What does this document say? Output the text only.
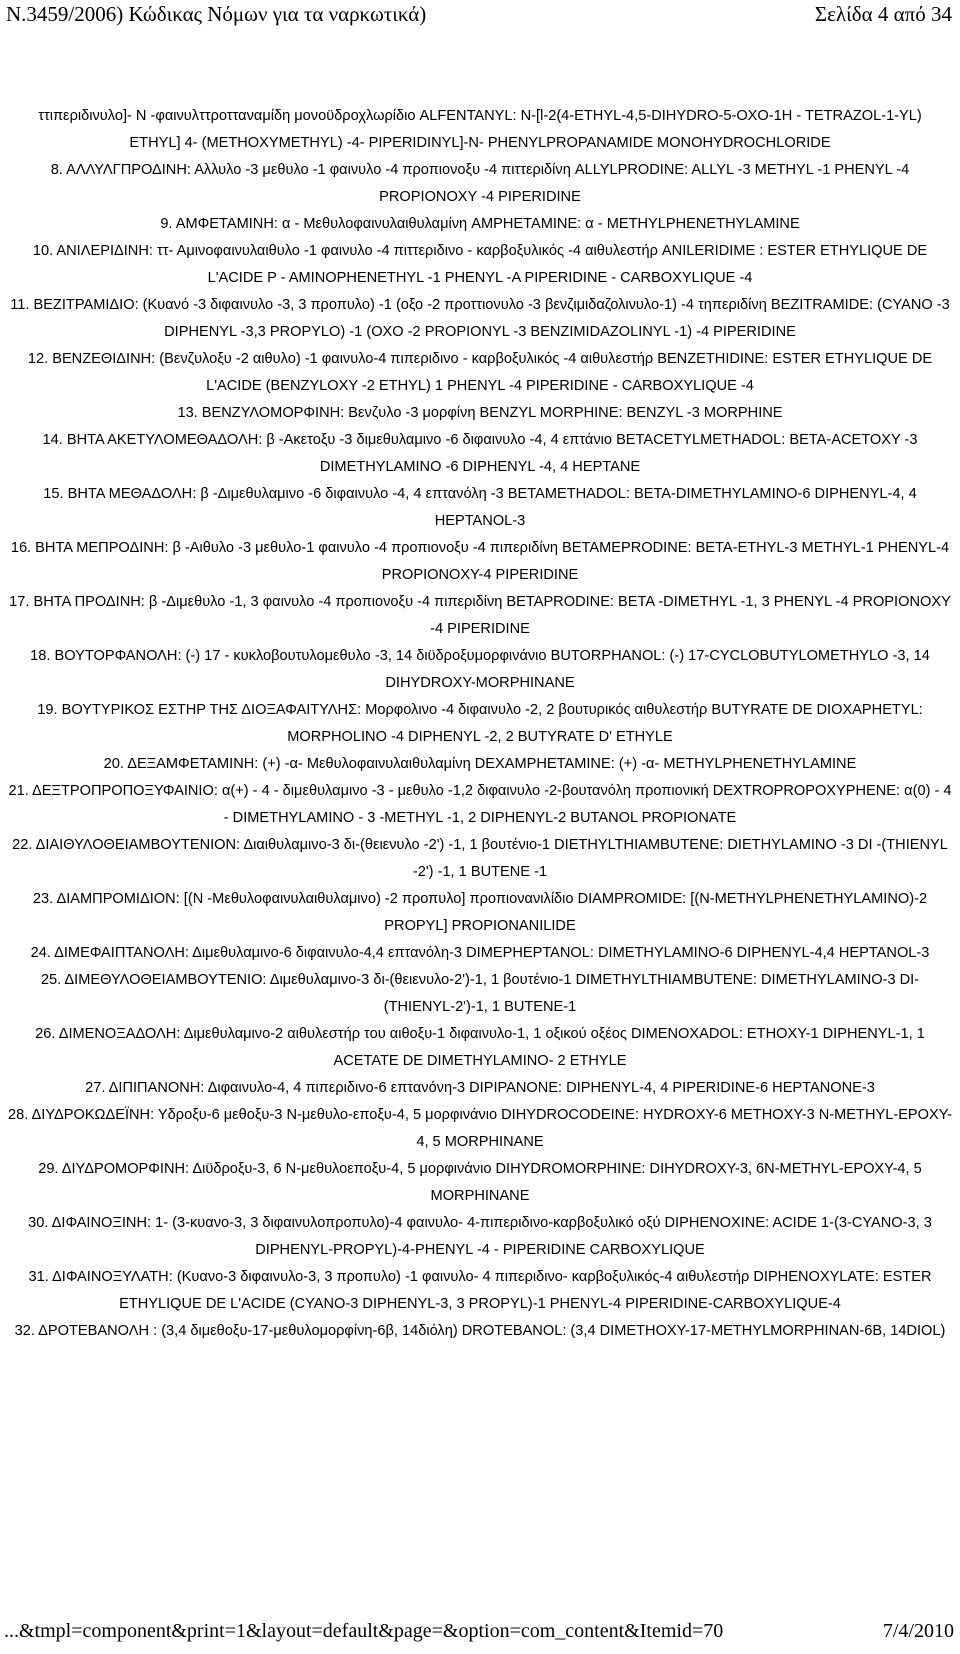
N.3459/2006) Κώδικας Νόμων για τα ναρκωτικά)	Σελίδα 4 από 34

ττιπεριδινυλο]- Ν -φαινυλττροτταναμίδη μονοϋδροχλωρίδιο ALFENTANYL: N-[l-2(4-ETHYL-4,5-DIHYDRO-5-OXO-1H - TETRAZOL-1-YL)

ETHYL] 4- (METHOXYMETHYL) -4- PIPERIDINYL]-N- PHENYLPROPANAMIDE MONOHYDROCHLORIDE

8. ΑΛΛΥΛΓΠΡΟΔΙΝΗ: Αλλυλο -3 μεθυλο -1 φαινυλο -4 προπιονοξυ -4 πιττεριδίνη ALLYLPRODINE: ALLYL -3 METHYL -1 PHENYL -4 PROPIONOXY -4 PIPERIDINE

9. ΑΜΦΕΤΑΜΙΝΗ: α - Μεθυλοφαινυλαιθυλαμίνη AMPHETAMINE: α - METHYLPHENETHYLAMINE

10. ΑΝΙΛΕΡΙΔΙΝΗ: ττ- Αμινοφαινυλαιθυλο -1 φαινυλο -4 πιττεριδινο - καρβοξυλικός -4 αιθυλεστήρ ANILERIDIME : ESTER ETHYLIQUE DE L'ACIDE P - AMINOPHENETHYL -1 PHENYL -A PIPERIDINE - CARBOXYLIQUE -4

11. ΒΕΖΙΤΡΑΜΙΔΙΟ: (Κυανό -3 διφαινυλο -3, 3 προπυλο) -1 (οξο -2 προττιονυλο -3 βενζιμιδαζολινυλο-1) -4 τηπεριδίνη BEZITRAMIDE: (CYANO -3 DIPHENYL -3,3 PROPYLO) -1 (OXO -2 PROPIONYL -3 BENZIMIDAZOLINYL -1) -4 PIPERIDINE

12. ΒΕΝΖΕΘΙΔΙΝΗ: (Βενζυλοξυ -2 αιθυλο) -1 φαινυλο-4 πιπεριδινο - καρβοξυλικός -4 αιθυλεστήρ BENZETHIDINE: ESTER ETHYLIQUE DE L'ACIDE (BENZYLOXY -2 ETHYL) 1 PHENYL -4 PIPERIDINE - CARBOXYLIQUE -4

13. ΒΕΝΖΥΛΟΜΟΡΦΙΝΗ: Βενζυλο -3 μορφίνη BENZYL MORPHINE: BENZYL -3 MORPHINE

14. ΒΗΤΑ ΑΚΕΤΥΛΟΜΕΘΑΔΟΛΗ: β -Ακετοξυ -3 διμεθυλαμινο -6 διφαινυλο -4, 4 επτάνιο BETACETYLMETHADOL: BETA-ACETOXY -3 DIMETHYLAMINO -6 DIPHENYL -4, 4 HEPTANE

15. ΒΗΤΑ ΜΕΘΑΔΟΛΗ: β -Διμεθυλαμινο -6 διφαινυλο -4, 4 επτανόλη -3 BETAMETHADOL: BETA-DIMETHYLAMINO-6 DIPHENYL-4, 4 HEPTANOL-3

16. ΒΗΤΑ ΜΕΠΡΟΔΙΝΗ: β -Αιθυλο -3 μεθυλο-1 φαινυλο -4 προπιονοξυ -4 πιπεριδίνη BETAMEPRODINE: BETA-ETHYL-3 METHYL-1 PHENYL-4 PROPIONOXY-4 PIPERIDINE

17. ΒΗΤΑ ΠΡΟΔΙΝΗ: β -Διμεθυλο -1, 3 φαινυλο -4 προπιονοξυ -4 πιπεριδίνη BETAPRODINE: BETA -DIMETHYL -1, 3 PHENYL -4 PROPIONOXY -4 PIPERIDINE

18. ΒΟΥΤΟΡΦΑΝΟΛΗ: (-) 17 - κυκλοβουτυλομεθυλο -3, 14 διϋδροξυμορφινάνιο BUTORPHANOL: (-) 17-CYCLOBUTYLOMETHYLO -3, 14 DIHYDROXY-MORPHINANE

19. ΒΟΥΤΥΡΙΚΟΣ ΕΣΤΗΡ ΤΗΣ ΔΙΟΞΑΦΑΙΤΥΛΗΣ: Μορφολινο -4 διφαινυλο -2, 2 βουτυρικός αιθυλεστήρ BUTYRATE DE DIOXAPHETYL: MORPHOLINO -4 DIPHENYL -2, 2 BUTYRATE D' ETHYLE

20. ΔΕΞΑΜΦΕΤΑΜΙΝΗ: (+) -α- Μεθυλοφαινυλαιθυλαμίνη DEXAMPHETAMINE: (+) -α- METHYLPHENETHYLAMINE

21. ΔΕΞΤΡΟΠΡΟΠΟΞΥΦΑΙΝΙΟ: α(+) - 4 - διμεθυλαμινο -3 - μεθυλο -1,2 διφαινυλο -2-βουτανόλη προπιονική DEXTROPROPOXYPHENE: α(0) - 4 - DIMETHYLAMINO - 3 -METHYL -1, 2 DIPHENYL-2 BUTANOL PROPIONATE

22. ΔΙΑΙΘΥΛΟΘΕΙΑΜΒΟΥΤΕΝΙΟΝ: Διαιθυλαμινο-3 δι-(θειενυλο -2') -1, 1 βουτένιο-1 DIETHYLTHIAMBUTENE: DIETHYLAMINO -3 DI -(THIENYL -2') -1, 1 BUTENE -1

23. ΔΙΑΜΠΡΟΜΙΔΙΟΝ: [(Ν -Μεθυλοφαινυλαιθυλαμινο) -2 προπυλο] προπιονανιλίδιο DIAMPROMIDE: [(N-METHYLPHENETHYLAMINO)-2 PROPYL] PROPIONANILIDE

24. ΔΙΜΕΦΑΙΠΤΑΝΟΛΗ: Διμεθυλαμινο-6 διφαινυλο-4,4 επτανόλη-3 DIMEPHEPTANOL: DIMETHYLAMINO-6 DIPHENYL-4,4 HEPTANOL-3

25. ΔΙΜΕΘΥΛΟΘΕΙΑΜΒΟΥΤΕΝΙΟ: Διμεθυλαμινο-3 δι-(θειενυλο-2')-1, 1 βουτένιο-1 DIMETHYLTHIAMBUTENE: DIMETHYLAMINO-3 DI-(THIENYL-2')-1, 1 BUTENE-1

26. ΔΙΜΕΝΟΞΑΔΟΛΗ: Διμεθυλαμινο-2 αιθυλεστήρ του αιθοξυ-1 διφαινυλο-1, 1 οξικού οξέος DIMENOXADOL: ETHOXY-1 DIPHENYL-1, 1 ACETATE DE DIMETHYLAMINO- 2 ETHYLE

27. ΔΙΠΙΠΑΝΟΝΗ: Διφαινυλο-4, 4 πιπεριδινο-6 επτανόνη-3 DIPIPANONE: DIPHENYL-4, 4 PIPERIDINE-6 HEPTANONE-3

28. ΔΙΥΔΡΟΚΩΔΕΪΝΗ: Υδροξυ-6 μεθοξυ-3 Ν-μεθυλο-εποξυ-4, 5 μορφινάνιο DIHYDROCODEINE: HYDROXY-6 METHOXY-3 N-METHYL-EPOXY- 4, 5 MORPHINANE

29. ΔΙΥΔΡΟΜΟΡΦΙΝΗ: Διϋδροξυ-3, 6 Ν-μεθυλοεποξυ-4, 5 μορφινάνιο DIHYDROMORPHINE: DIHYDROXY-3, 6N-METHYL-EPOXY-4, 5 MORPHINANE

30. ΔΙΦΑΙΝΟΞΙΝΗ: 1- (3-κυανο-3, 3 διφαινυλοπροπυλο)-4 φαινυλο- 4-πιπεριδινο-καρβοξυλικό οξύ DIPHENOXINE: ACIDE 1-(3-CYANO-3, 3 DIPHENYL-PROPYL)-4-PHENYL -4 - PIPERIDINE CARBOXYLIQUE

31. ΔΙΦΑΙΝΟΞΥΛΑΤΗ: (Κυανο-3 διφαινυλο-3, 3 προπυλο) -1 φαινυλο- 4 πιπεριδινο- καρβοξυλικός-4 αιθυλεστήρ DIPHENOXYLATE: ESTER ETHYLIQUE DE L'ACIDE (CYANO-3 DIPHENYL-3, 3 PROPYL)-1 PHENYL-4 PIPERIDINE-CARBOXYLIQUE-4

32. ΔΡΟΤΕΒΑΝΟΛΗ : (3,4 διμεθοξυ-17-μεθυλομορφίνη-6β, 14διόλη) DROTEBANOL: (3,4 DIMETHOXY-17-METHYLMORPHINAN-6B, 14DIOL)

...&tmpl=component&print=1&layout=default&page=&option=com_content&Itemid=70	7/4/2010
